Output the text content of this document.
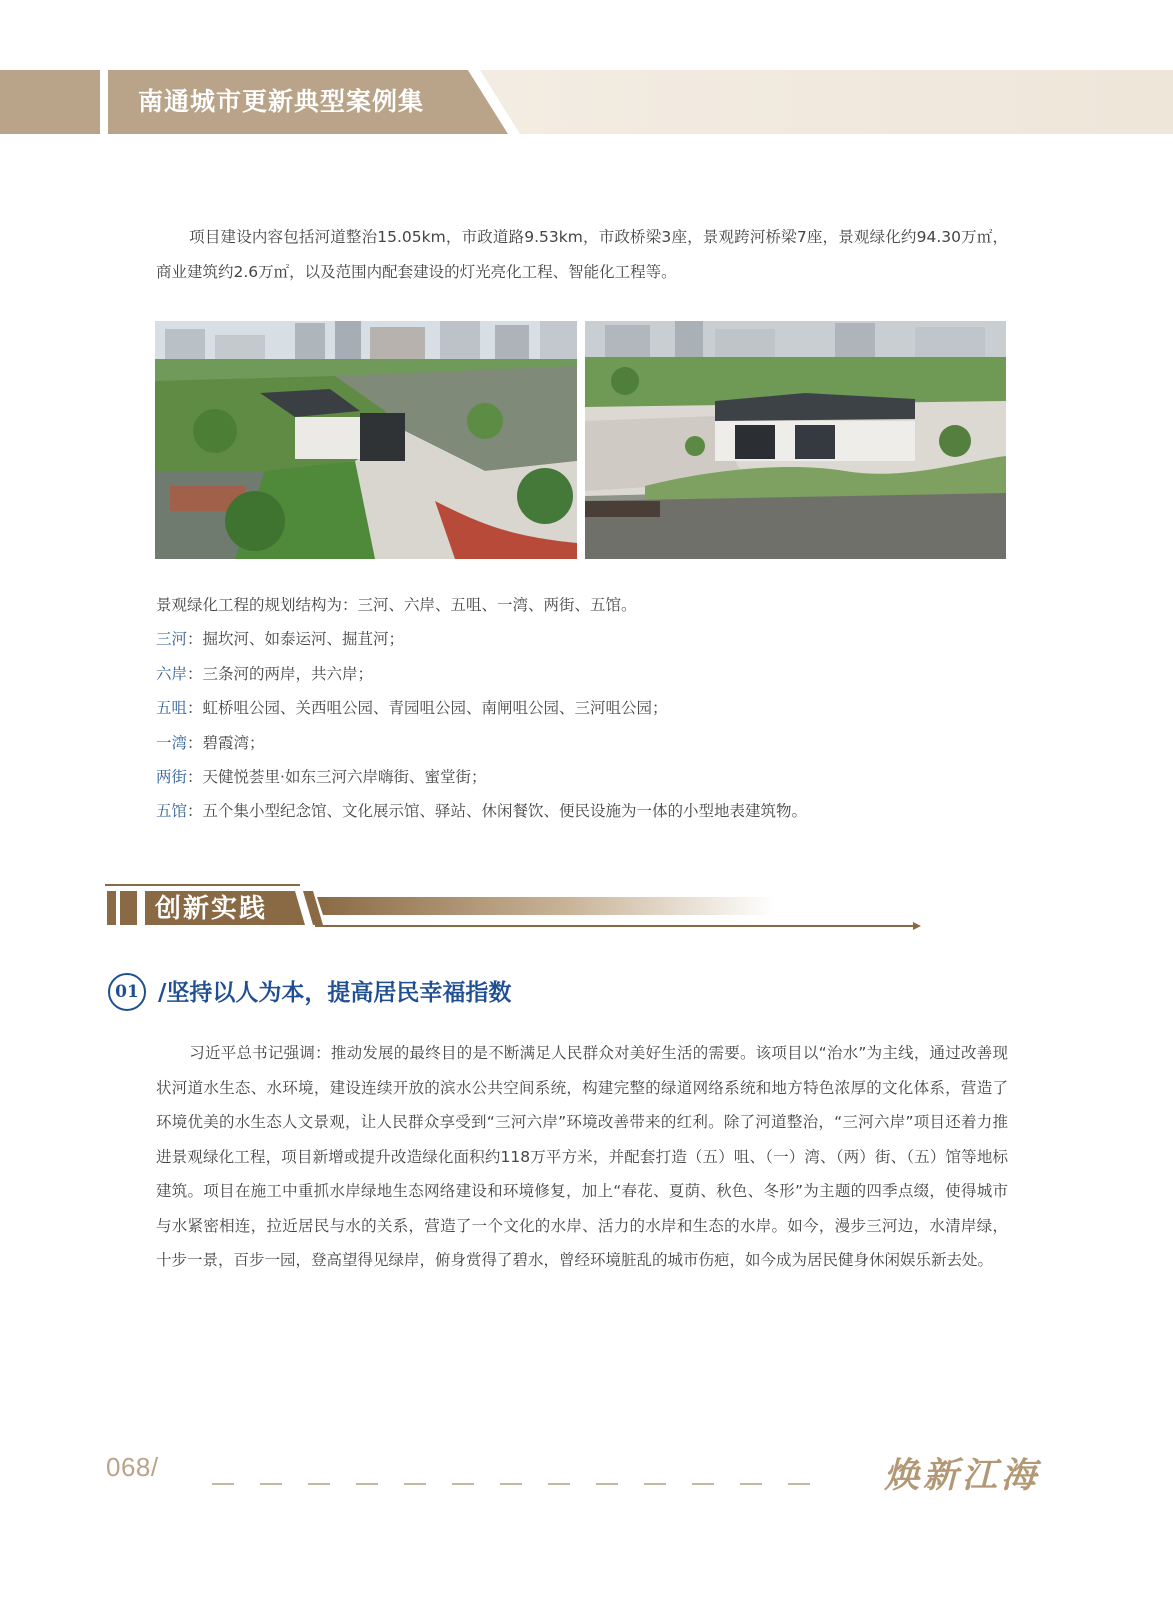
南通城市更新典型案例集
项目建设内容包括河道整治15.05km，市政道路9.53km，市政桥梁3座，景观跨河桥梁7座，景观绿化约94.30万㎡，商业建筑约2.6万㎡，以及范围内配套建设的灯光亮化工程、智能化工程等。
景观绿化工程的规划结构为：三河、六岸、五咀、一湾、两街、五馆。
三河：掘坎河、如泰运河、掘苴河；
六岸：三条河的两岸，共六岸；
五咀：虹桥咀公园、关西咀公园、青园咀公园、南闸咀公园、三河咀公园；
一湾：碧霞湾；
两街：天健悦荟里·如东三河六岸嗨街、蜜堂街；
五馆：五个集小型纪念馆、文化展示馆、驿站、休闲餐饮、便民设施为一体的小型地表建筑物。
创新实践
01 /坚持以人为本，提高居民幸福指数
习近平总书记强调：推动发展的最终目的是不断满足人民群众对美好生活的需要。该项目以“治水”为主线，通过改善现状河道水生态、水环境，建设连续开放的滨水公共空间系统，构建完整的绿道网络系统和地方特色浓厚的文化体系，营造了环境优美的水生态人文景观，让人民群众享受到“三河六岸”环境改善带来的红利。除了河道整治，“三河六岸”项目还着力推进景观绿化工程，项目新增或提升改造绿化面积约118万平方米，并配套打造（五）咀、（一）湾、（两）街、（五）馆等地标建筑。项目在施工中重抓水岸绿地生态网络建设和环境修复，加上“春花、夏荫、秋色、冬形”为主题的四季点缀，使得城市与水紧密相连，拉近居民与水的关系，营造了一个文化的水岸、活力的水岸和生态的水岸。如今，漫步三河边，水清岸绿，十步一景，百步一园，登高望得见绿岸，俯身赏得了碧水，曾经环境脏乱的城市伤疤，如今成为居民健身休闲娱乐新去处。
068/	焕新江海
